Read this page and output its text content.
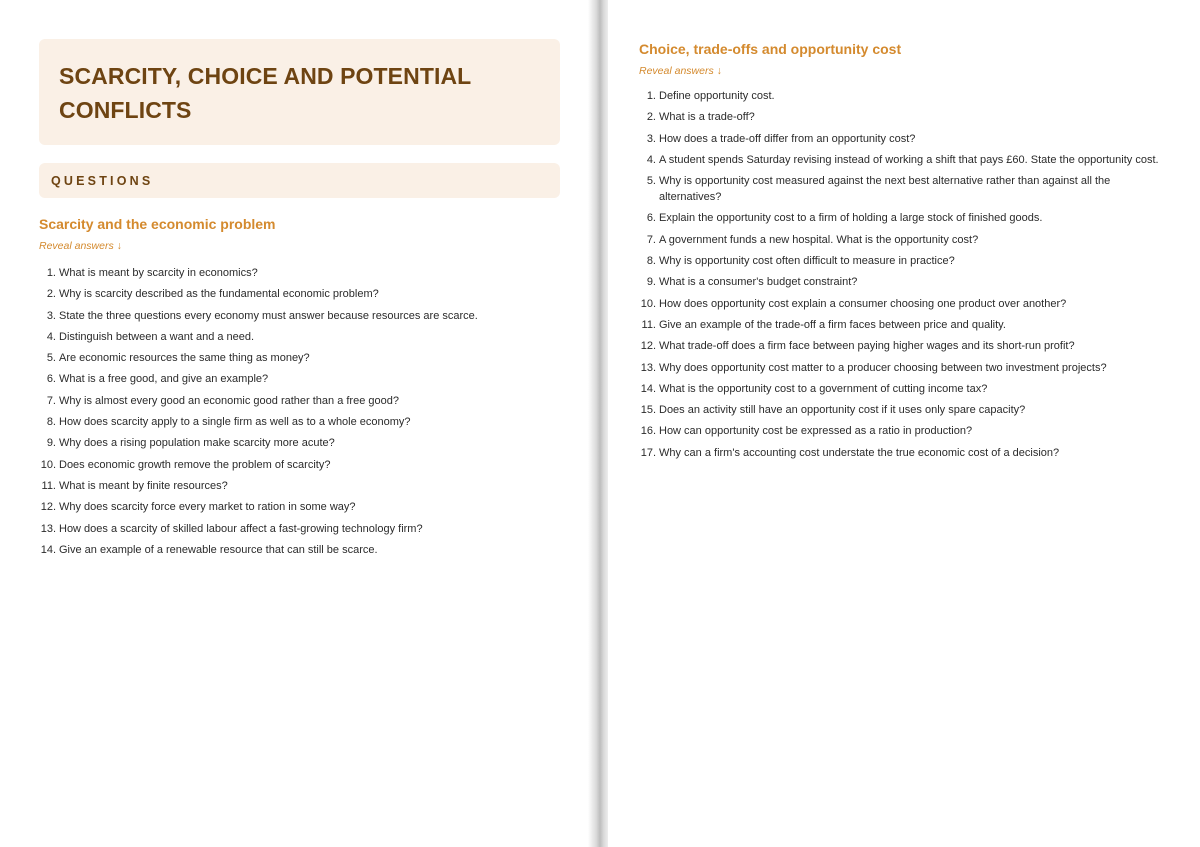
SCARCITY, CHOICE AND POTENTIAL CONFLICTS
QUESTIONS
Scarcity and the economic problem
Reveal answers ↓
1. What is meant by scarcity in economics?
2. Why is scarcity described as the fundamental economic problem?
3. State the three questions every economy must answer because resources are scarce.
4. Distinguish between a want and a need.
5. Are economic resources the same thing as money?
6. What is a free good, and give an example?
7. Why is almost every good an economic good rather than a free good?
8. How does scarcity apply to a single firm as well as to a whole economy?
9. Why does a rising population make scarcity more acute?
10. Does economic growth remove the problem of scarcity?
11. What is meant by finite resources?
12. Why does scarcity force every market to ration in some way?
13. How does a scarcity of skilled labour affect a fast-growing technology firm?
14. Give an example of a renewable resource that can still be scarce.
Choice, trade-offs and opportunity cost
Reveal answers ↓
1. Define opportunity cost.
2. What is a trade-off?
3. How does a trade-off differ from an opportunity cost?
4. A student spends Saturday revising instead of working a shift that pays £60. State the opportunity cost.
5. Why is opportunity cost measured against the next best alternative rather than against all the alternatives?
6. Explain the opportunity cost to a firm of holding a large stock of finished goods.
7. A government funds a new hospital. What is the opportunity cost?
8. Why is opportunity cost often difficult to measure in practice?
9. What is a consumer's budget constraint?
10. How does opportunity cost explain a consumer choosing one product over another?
11. Give an example of the trade-off a firm faces between price and quality.
12. What trade-off does a firm face between paying higher wages and its short-run profit?
13. Why does opportunity cost matter to a producer choosing between two investment projects?
14. What is the opportunity cost to a government of cutting income tax?
15. Does an activity still have an opportunity cost if it uses only spare capacity?
16. How can opportunity cost be expressed as a ratio in production?
17. Why can a firm's accounting cost understate the true economic cost of a decision?
